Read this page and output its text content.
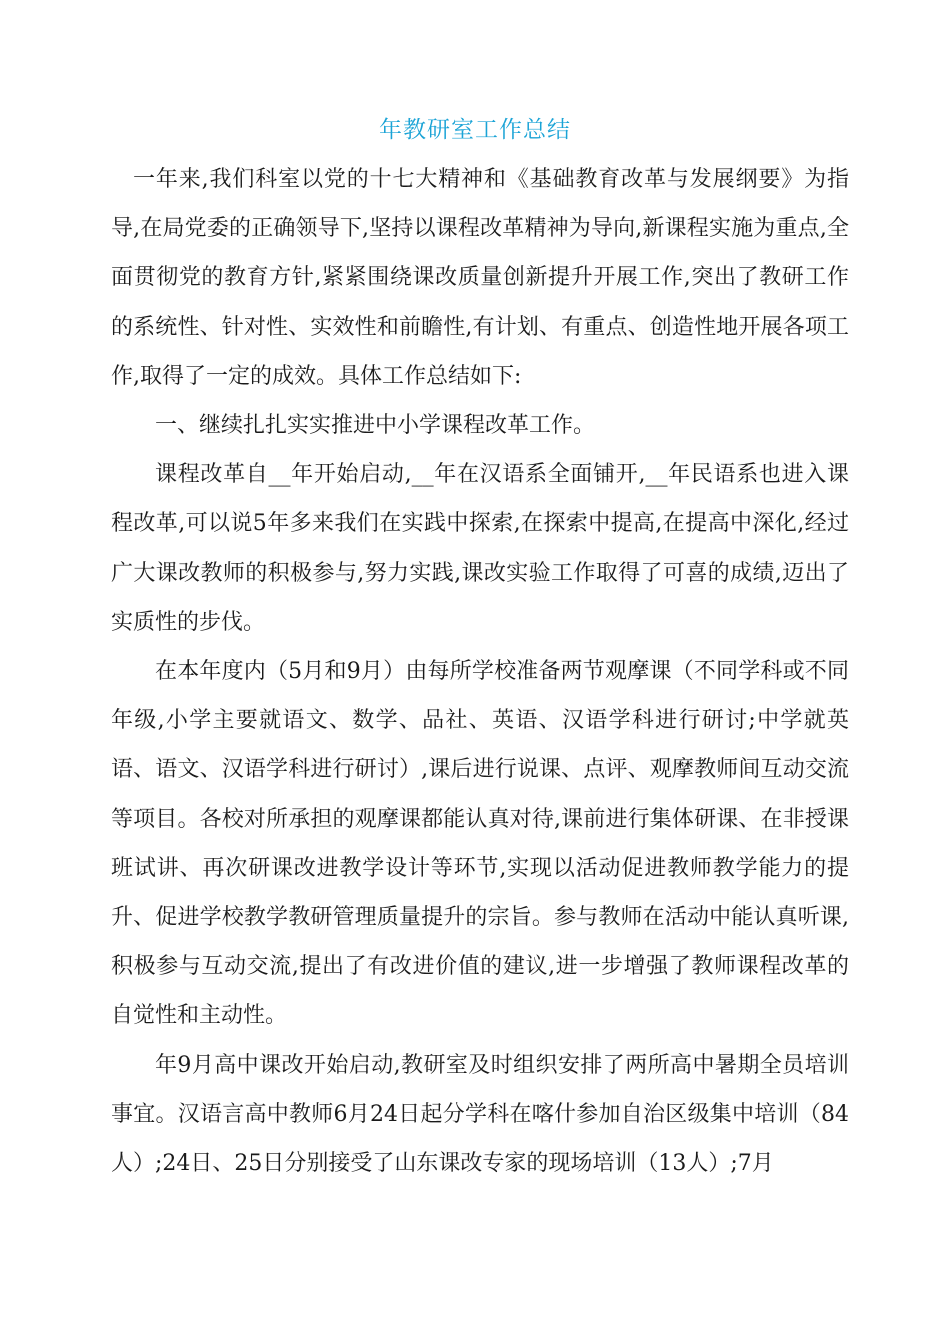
年教研室工作总结

一年来,我们科室以党的十七大精神和《基础教育改革与发展纲要》为指导,在局党委的正确领导下,坚持以课程改革精神为导向,新课程实施为重点,全面贯彻党的教育方针,紧紧围绕课改质量创新提升开展工作,突出了教研工作的系统性、针对性、实效性和前瞻性,有计划、有重点、创造性地开展各项工作,取得了一定的成效。具体工作总结如下:

一、继续扎扎实实推进中小学课程改革工作。

课程改革自__年开始启动,__年在汉语系全面铺开,__年民语系也进入课程改革,可以说5年多来我们在实践中探索,在探索中提高,在提高中深化,经过广大课改教师的积极参与,努力实践,课改实验工作取得了可喜的成绩,迈出了实质性的步伐。

在本年度内（5月和9月）由每所学校准备两节观摩课（不同学科或不同年级,小学主要就语文、数学、品社、英语、汉语学科进行研讨;中学就英语、语文、汉语学科进行研讨）,课后进行说课、点评、观摩教师间互动交流等项目。各校对所承担的观摩课都能认真对待,课前进行集体研课、在非授课班试讲、再次研课改进教学设计等环节,实现以活动促进教师教学能力的提升、促进学校教学教研管理质量提升的宗旨。参与教师在活动中能认真听课,积极参与互动交流,提出了有改进价值的建议,进一步增强了教师课程改革的自觉性和主动性。

年9月高中课改开始启动,教研室及时组织安排了两所高中暑期全员培训事宜。汉语言高中教师6月24日起分学科在喀什参加自治区级集中培训（84人）;24日、25日分别接受了山东课改专家的现场培训（13人）;7月
